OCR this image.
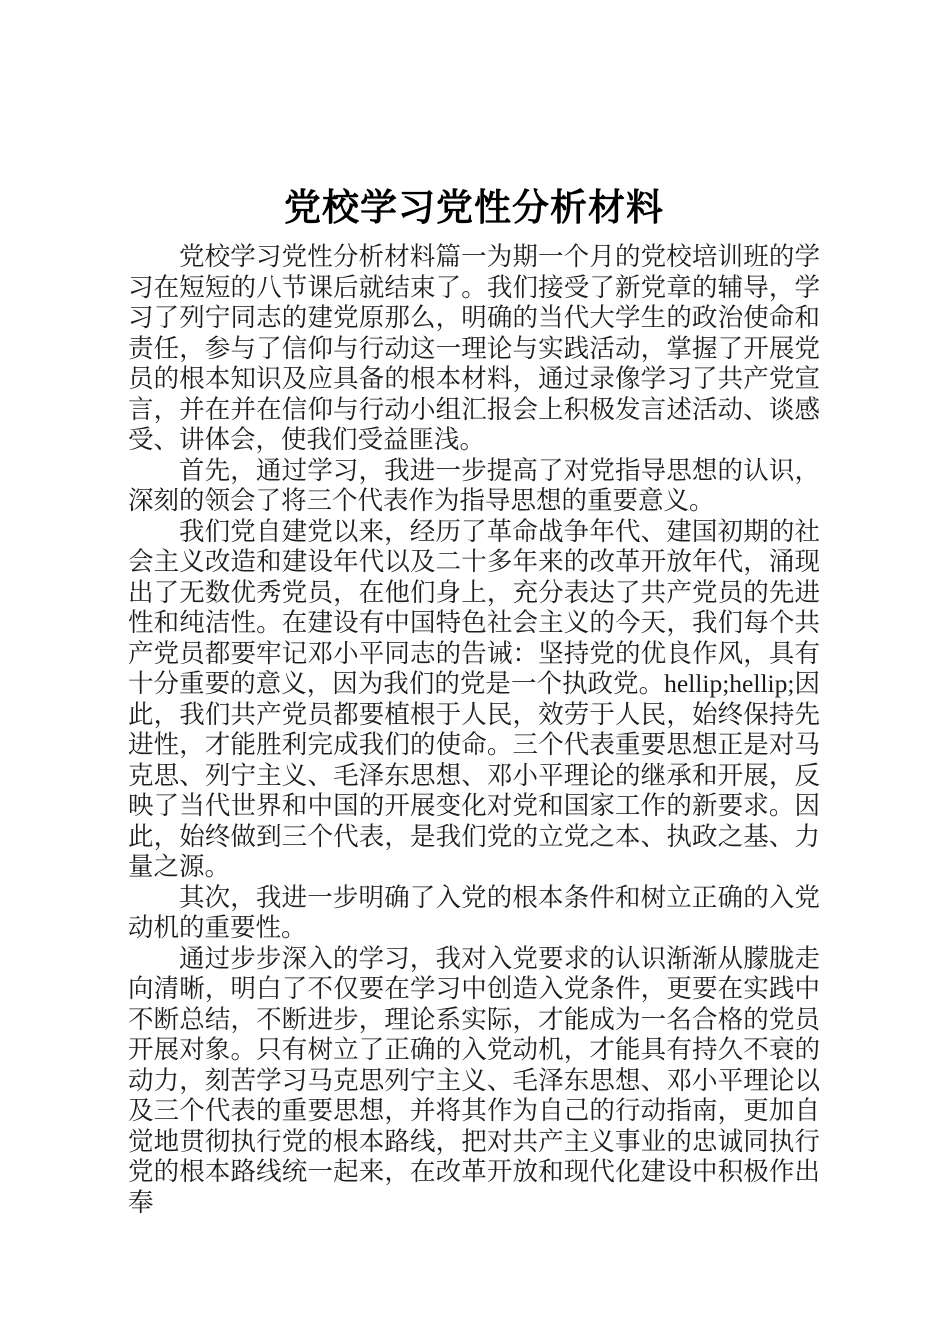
党校学习党性分析材料

党校学习党性分析材料篇一为期一个月的党校培训班的学习在短短的八节课后就结束了。我们接受了新党章的辅导，学习了列宁同志的建党原那么，明确的当代大学生的政治使命和责任，参与了信仰与行动这一理论与实践活动，掌握了开展党员的根本知识及应具备的根本材料，通过录像学习了共产党宣言，并在并在信仰与行动小组汇报会上积极发言述活动、谈感受、讲体会，使我们受益匪浅。

首先，通过学习，我进一步提高了对党指导思想的认识，深刻的领会了将三个代表作为指导思想的重要意义。

我们党自建党以来，经历了革命战争年代、建国初期的社会主义改造和建设年代以及二十多年来的改革开放年代，涌现出了无数优秀党员，在他们身上，充分表达了共产党员的先进性和纯洁性。在建设有中国特色社会主义的今天，我们每个共产党员都要牢记邓小平同志的告诫：坚持党的优良作风，具有十分重要的意义，因为我们的党是一个执政党。hellip;hellip;因此，我们共产党员都要植根于人民，效劳于人民，始终保持先进性，才能胜利完成我们的使命。三个代表重要思想正是对马克思、列宁主义、毛泽东思想、邓小平理论的继承和开展，反映了当代世界和中国的开展变化对党和国家工作的新要求。因此，始终做到三个代表，是我们党的立党之本、执政之基、力量之源。

其次，我进一步明确了入党的根本条件和树立正确的入党动机的重要性。

通过步步深入的学习，我对入党要求的认识渐渐从朦胧走向清晰，明白了不仅要在学习中创造入党条件，更要在实践中不断总结，不断进步，理论系实际，才能成为一名合格的党员开展对象。只有树立了正确的入党动机，才能具有持久不衰的动力，刻苦学习马克思列宁主义、毛泽东思想、邓小平理论以及三个代表的重要思想，并将其作为自己的行动指南，更加自觉地贯彻执行党的根本路线，把对共产主义事业的忠诚同执行党的根本路线统一起来，在改革开放和现代化建设中积极作出奉
